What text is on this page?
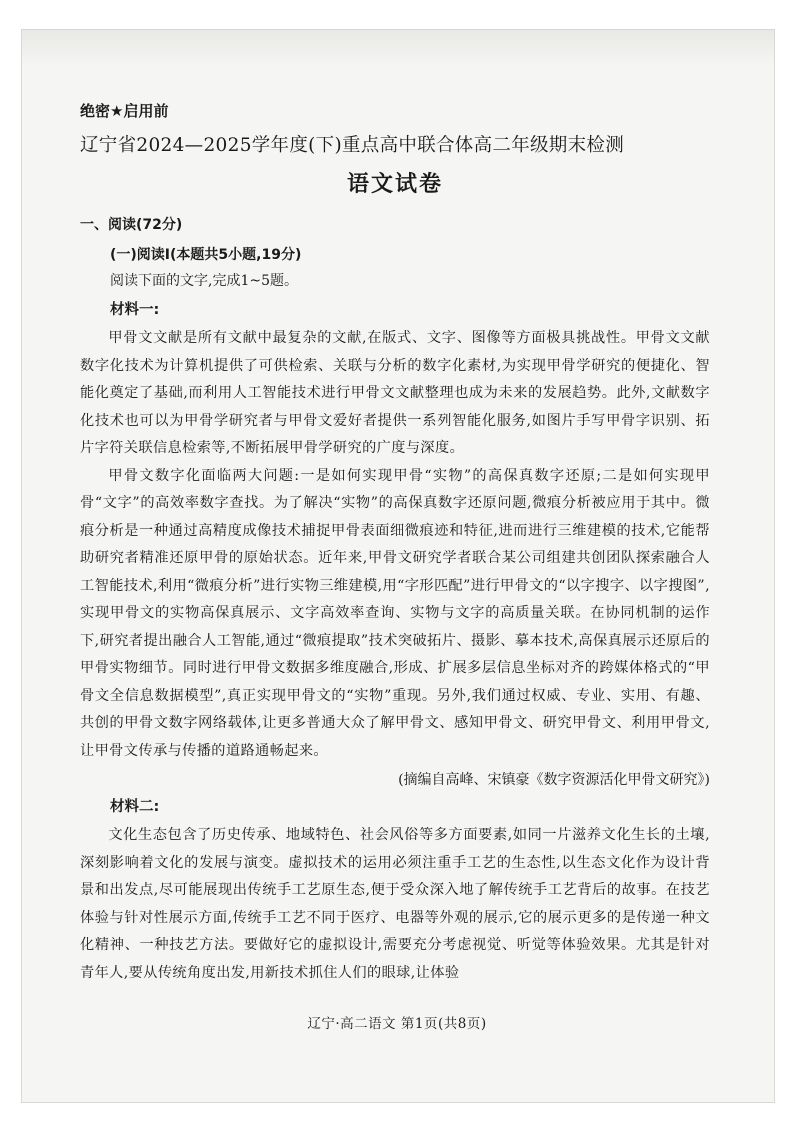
绝密★启用前
辽宁省2024—2025学年度(下)重点高中联合体高二年级期末检测
语文试卷
一、阅读(72分)
(一)阅读I(本题共5小题,19分)
阅读下面的文字,完成1~5题。
材料一:

甲骨文文献是所有文献中最复杂的文献,在版式、文字、图像等方面极具挑战性。甲骨文文献数字化技术为计算机提供了可供检索、关联与分析的数字化素材,为实现甲骨学研究的便捷化、智能化奠定了基础,而利用人工智能技术进行甲骨文文献整理也成为未来的发展趋势。此外,文献数字化技术也可以为甲骨学研究者与甲骨文爱好者提供一系列智能化服务,如图片手写甲骨字识别、拓片字符关联信息检索等,不断拓展甲骨学研究的广度与深度。

甲骨文数字化面临两大问题:一是如何实现甲骨“实物”的高保真数字还原;二是如何实现甲骨“文字”的高效率数字查找。为了解决“实物”的高保真数字还原问题,微痕分析被应用于其中。微痕分析是一种通过高精度成像技术捕捉甲骨表面细微痕迹和特征,进而进行三维建模的技术,它能帮助研究者精准还原甲骨的原始状态。近年来,甲骨文研究学者联合某公司组建共创团队探索融合人工智能技术,利用“微痕分析”进行实物三维建模,用“字形匹配”进行甲骨文的“以字搜字、以字搜图”,实现甲骨文的实物高保真展示、文字高效率查询、实物与文字的高质量关联。在协同机制的运作下,研究者提出融合人工智能,通过“微痕提取”技术突破拓片、摄影、摹本技术,高保真展示还原后的甲骨实物细节。同时进行甲骨文数据多维度融合,形成、扩展多层信息坐标对齐的跨媒体格式的“甲骨文全信息数据模型”,真正实现甲骨文的“实物”重现。另外,我们通过权威、专业、实用、有趣、共创的甲骨文数字网络载体,让更多普通大众了解甲骨文、感知甲骨文、研究甲骨文、利用甲骨文,让甲骨文传承与传播的道路通畅起来。

(摘编自高峰、宋镇豪《数字资源活化甲骨文研究》)
材料二:

文化生态包含了历史传承、地域特色、社会风俗等多方面要素,如同一片滋养文化生长的土壤,深刻影响着文化的发展与演变。虚拟技术的运用必须注重手工艺的生态性,以生态文化作为设计背景和出发点,尽可能展现出传统手工艺原生态,便于受众深入地了解传统手工艺背后的故事。在技艺体验与针对性展示方面,传统手工艺不同于医疗、电器等外观的展示,它的展示更多的是传递一种文化精神、一种技艺方法。要做好它的虚拟设计,需要充分考虑视觉、听觉等体验效果。尤其是针对青年人,要从传统角度出发,用新技术抓住人们的眼球,让体验

辽宁·高二语文 第1页(共8页)
